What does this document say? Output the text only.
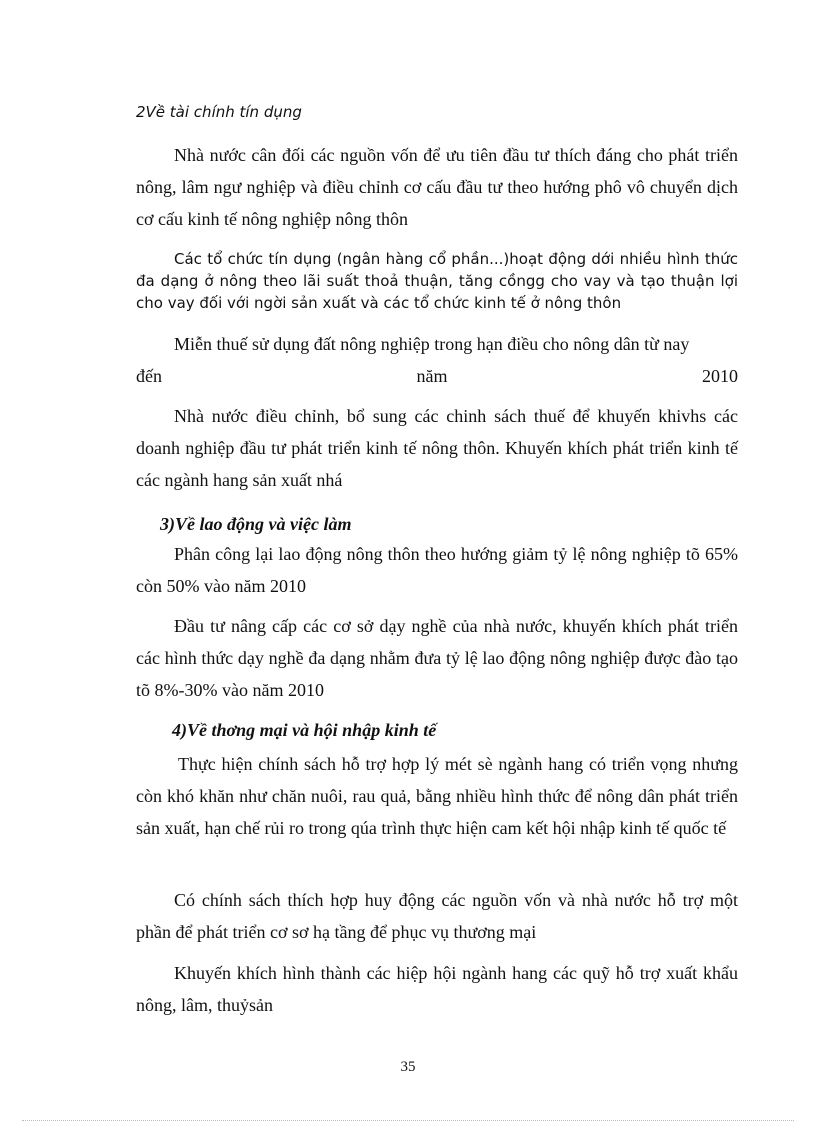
2Về tài chính tín dụng

Nhà nước cân đối các nguồn vốn để ưu tiên đầu tư thích đáng cho phát triển nông, lâm ngư nghiệp và điều chỉnh cơ cấu đầu tư theo hướng phô vô chuyển dịch cơ cấu kinh tế nông nghiệp nông thôn

Các tổ chức tín dụng (ngân hàng cổ phần...)hoạt động dới nhiều hình thức đa dạng ở nông theo lãi suất thoả thuận, tăng cồngg cho vay và tạo thuận lợi cho vay đối với ngời sản xuất và các tổ chức kinh tế ở nông thôn

Miễn thuế sử dụng đất nông nghiệp trong hạn điều cho nông dân từ nay

đến năm 2010

Nhà nước điều chỉnh, bổ sung các chinh sách thuế để khuyến khivhs các doanh nghiệp đầu tư phát triển kinh tế nông thôn. Khuyến khích phát triển kinh tế các ngành hang sản xuất nhá

3)Về lao động và việc làm

Phân công lại lao động nông thôn theo hướng giảm tỷ lệ nông nghiệp tõ 65% còn 50% vào năm 2010

Đầu tư nâng cấp các cơ sở dạy nghề của nhà nước, khuyến khích phát triển các hình thức dạy nghề đa dạng nhằm đưa tỷ lệ lao động nông nghiệp được đào tạo tõ 8%-30% vào năm 2010

4)Về thơng mại và hội nhập kinh tế

Thực hiện chính sách hỗ trợ hợp lý mét sè ngành hang có triển vọng nhưng còn khó khăn như chăn nuôi, rau quả, bằng nhiều hình thức để nông dân phát triển sản xuất, hạn chế rủi ro trong qúa trình thực hiện cam kết hội nhập kinh tế quốc tế

Có chính sách thích hợp huy động các nguồn vốn và nhà nước hỗ trợ một phần để phát triển cơ sơ hạ tầng để phục vụ thương mại

Khuyến khích hình thành các hiệp hội ngành hang các quỹ hỗ trợ xuất khẩu nông, lâm, thuỷsản

35
